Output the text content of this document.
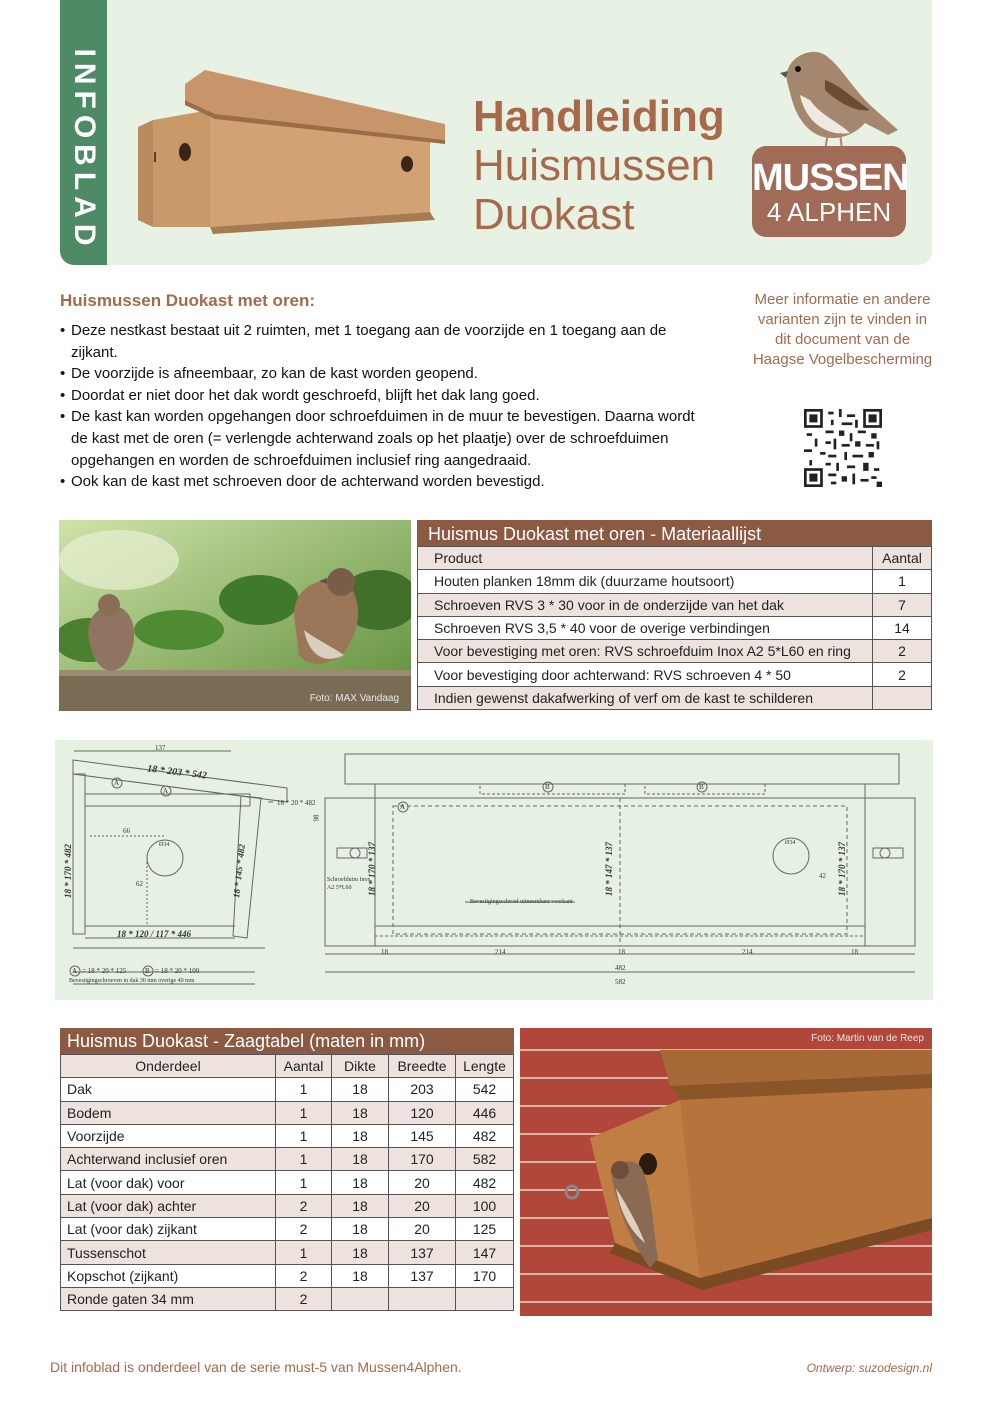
INFOBLAD	Handleiding
Huismussen
Duokast
MUSSEN
4 ALPHEN
Huismussen Duokast met oren:
• Deze nestkast bestaat uit 2 ruimten, met 1 toegang aan de voorzijde en 1 toegang aan de zijkant.
• De voorzijde is afneembaar, zo kan de kast worden geopend.
• Doordat er niet door het dak wordt geschroefd, blijft het dak lang goed.
• De kast kan worden opgehangen door schroefduimen in de muur te bevestigen. Daarna wordt de kast met de oren (= verlengde achterwand zoals op het plaatje) over de schroefduimen opgehangen en worden de schroefduimen inclusief ring aangedraaid.
• Ook kan de kast met schroeven door de achterwand worden bevestigd.
Meer informatie en andere varianten zijn te vinden in dit document van de Haagse Vogelbescherming
Foto: MAX Vandaag
Huismus Duokast met oren - Materiaallijst
Product	Aantal
Houten planken 18mm dik (duurzame houtsoort)	1
Schroeven RVS 3 * 30 voor in de onderzijde van het dak	7
Schroeven RVS 3,5 * 40 voor de overige verbindingen	14
Voor bevestiging met oren: RVS schroefduim Inox A2 5*L60 en ring	2
Voor bevestiging door achterwand: RVS schroeven 4 * 50	2
Indien gewenst dakafwerking of verf om de kast te schilderen	
137
18 * 203 * 542
18 * 20 * 482
66
Ø34
62
18 * 170 * 482	18 * 145 * 482
18 * 120 / 117 * 446
98
A
A
A
B	B
A = 18 * 20 * 125	B = 18 * 20 * 100
Bevestigingschroeven in dak 30 mm overige 40 mm
Schroefduim Inox A2 5*L60	18 * 170 * 137	18 * 147 * 137	18 * 170 * 137
Bevestigingsschroef uitneembare voorkant
Ø34
42
18	214	18	214	18
482
582
Huismus Duokast - Zaagtabel (maten in mm)
Onderdeel	Aantal	Dikte	Breedte	Lengte
Dak	1	18	203	542
Bodem	1	18	120	446
Voorzijde	1	18	145	482
Achterwand inclusief oren	1	18	170	582
Lat (voor dak) voor	1	18	20	482
Lat (voor dak) achter	2	18	20	100
Lat (voor dak) zijkant	2	18	20	125
Tussenschot	1	18	137	147
Kopschot (zijkant)	2	18	137	170
Ronde gaten 34 mm	2			
Foto: Martin van de Reep
Dit infoblad is onderdeel van de serie must-5 van Mussen4Alphen.	Ontwerp: suzodesign.nl
